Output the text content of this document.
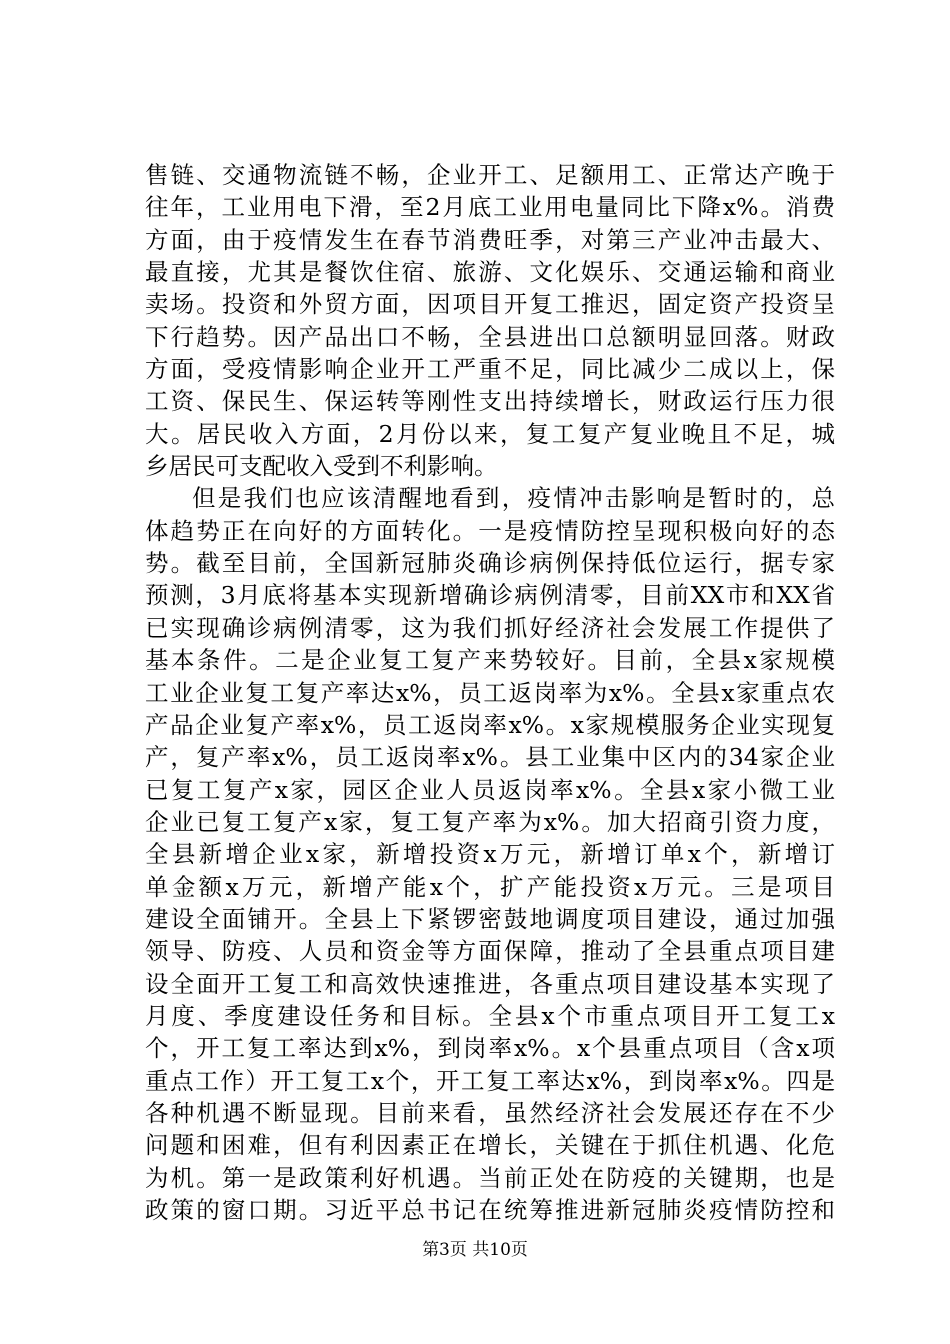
售链、交通物流链不畅，企业开工、足额用工、正常达产晚于
往年，工业用电下滑，至2月底工业用电量同比下降x%。消费
方面，由于疫情发生在春节消费旺季，对第三产业冲击最大、
最直接，尤其是餐饮住宿、旅游、文化娱乐、交通运输和商业
卖场。投资和外贸方面，因项目开复工推迟，固定资产投资呈
下行趋势。因产品出口不畅，全县进出口总额明显回落。财政
方面，受疫情影响企业开工严重不足，同比减少二成以上，保
工资、保民生、保运转等刚性支出持续增长，财政运行压力很
大。居民收入方面，2月份以来，复工复产复业晚且不足，城
乡居民可支配收入受到不利影响。
但是我们也应该清醒地看到，疫情冲击影响是暂时的，总
体趋势正在向好的方面转化。一是疫情防控呈现积极向好的态
势。截至目前，全国新冠肺炎确诊病例保持低位运行，据专家
预测，3月底将基本实现新增确诊病例清零，目前XX市和XX省
已实现确诊病例清零，这为我们抓好经济社会发展工作提供了
基本条件。二是企业复工复产来势较好。目前，全县x家规模
工业企业复工复产率达x%，员工返岗率为x%。全县x家重点农
产品企业复产率x%，员工返岗率x%。x家规模服务企业实现复
产，复产率x%，员工返岗率x%。县工业集中区内的34家企业
已复工复产x家，园区企业人员返岗率x%。全县x家小微工业
企业已复工复产x家，复工复产率为x%。加大招商引资力度，
全县新增企业x家，新增投资x万元，新增订单x个，新增订
单金额x万元，新增产能x个，扩产能投资x万元。三是项目
建设全面铺开。全县上下紧锣密鼓地调度项目建设，通过加强
领导、防疫、人员和资金等方面保障，推动了全县重点项目建
设全面开工复工和高效快速推进，各重点项目建设基本实现了
月度、季度建设任务和目标。全县x个市重点项目开工复工x
个，开工复工率达到x%，到岗率x%。x个县重点项目（含x项
重点工作）开工复工x个，开工复工率达x%，到岗率x%。四是
各种机遇不断显现。目前来看，虽然经济社会发展还存在不少
问题和困难，但有利因素正在增长，关键在于抓住机遇、化危
为机。第一是政策利好机遇。当前正处在防疫的关键期，也是
政策的窗口期。习近平总书记在统筹推进新冠肺炎疫情防控和
第3页 共10页
